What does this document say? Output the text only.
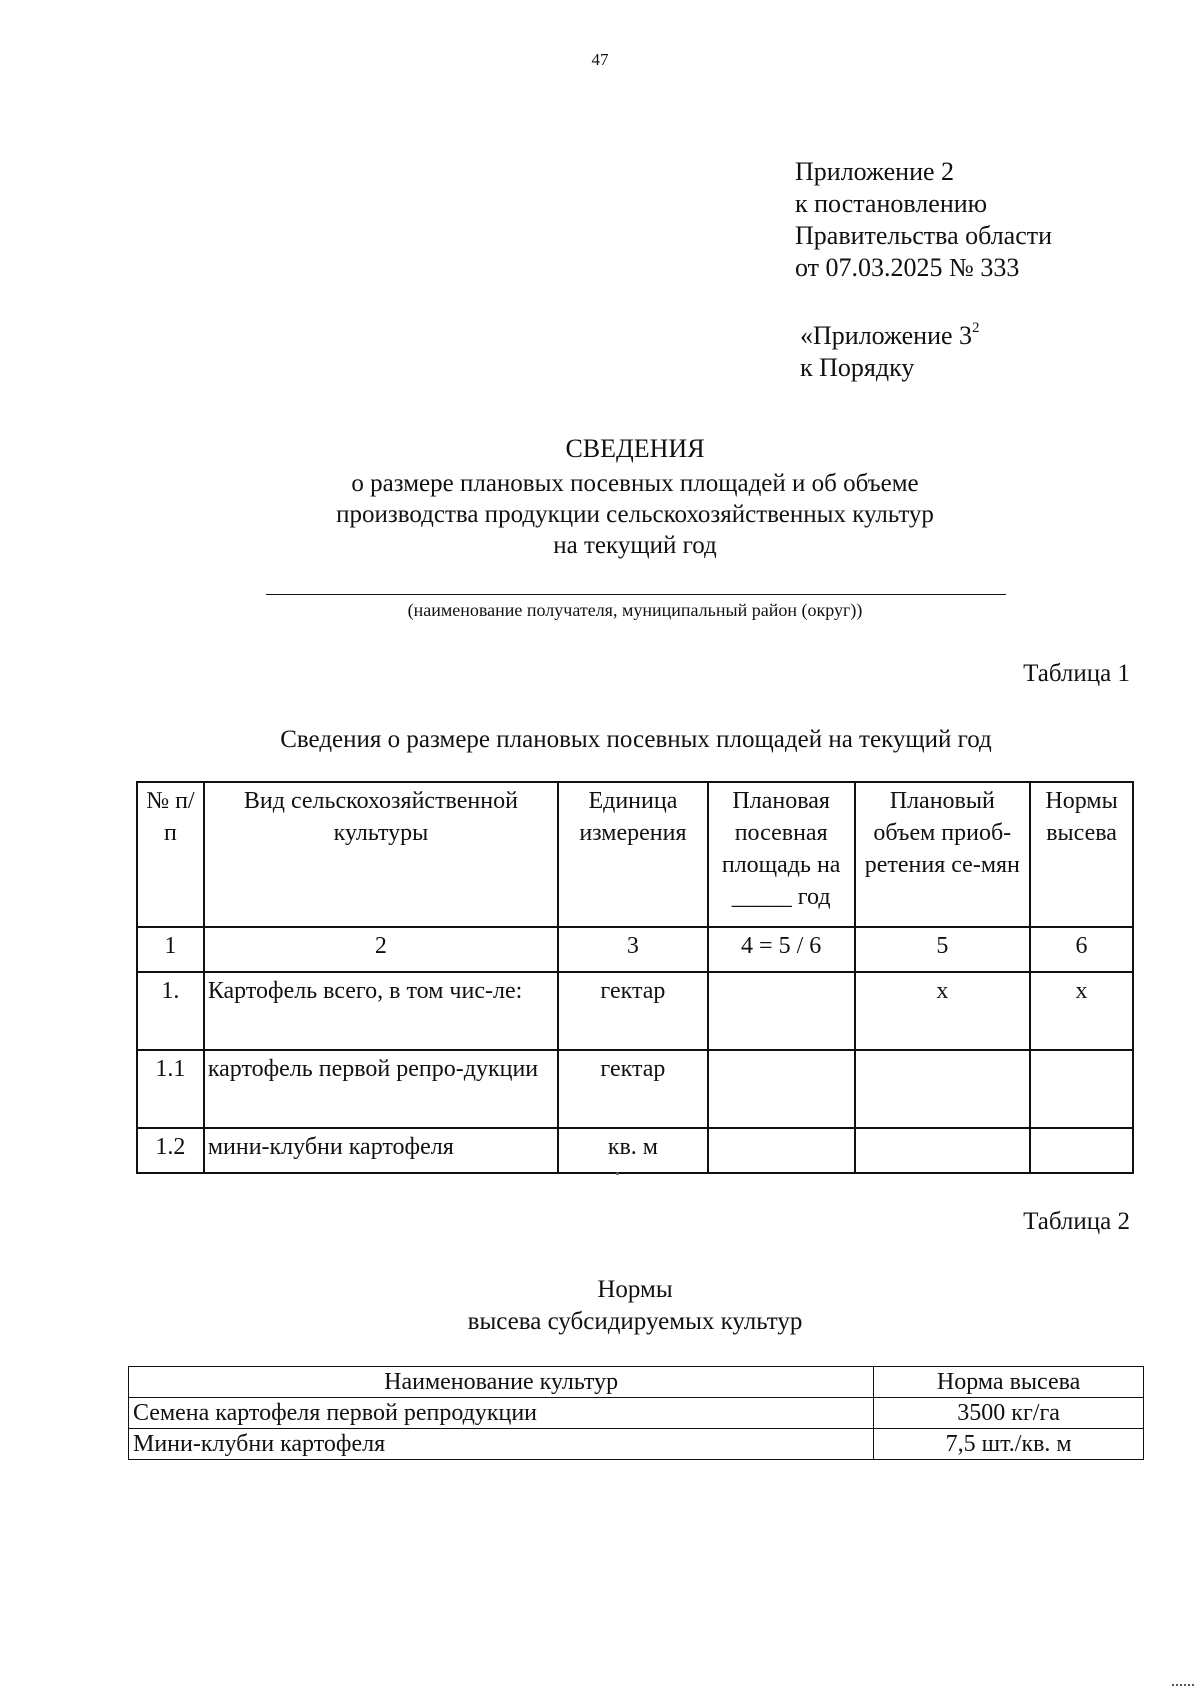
47
Приложение 2
к постановлению
Правительства области
от 07.03.2025 № 333
«Приложение $3^2$
к Порядку
СВЕДЕНИЯ
о размере плановых посевных площадей и об объеме
производства продукции сельскохозяйственных культур
на текущий год
(наименование получателя, муниципальный район (округ))
Таблица 1
Сведения о размере плановых посевных площадей на текущий год
№ п/п	Вид сельскохозяйственной культуры	Единица измерения	Плановая посевная площадь на _____ год	Плановый объем приоб-ретения се-мян	Нормы высева
1	2	3	4 = 5 / 6	5	6
1.	Картофель всего, в том чис-ле:	гектар		х	х
1.1	картофель первой репро-дукции	гектар			
1.2	мини-клубни картофеля	кв. м			
Таблица 2
Нормы
высева субсидируемых культур
Наименование культур	Норма высева
Семена картофеля первой репродукции	3500 кг/га
Мини-клубни картофеля	7,5 шт./кв. м
